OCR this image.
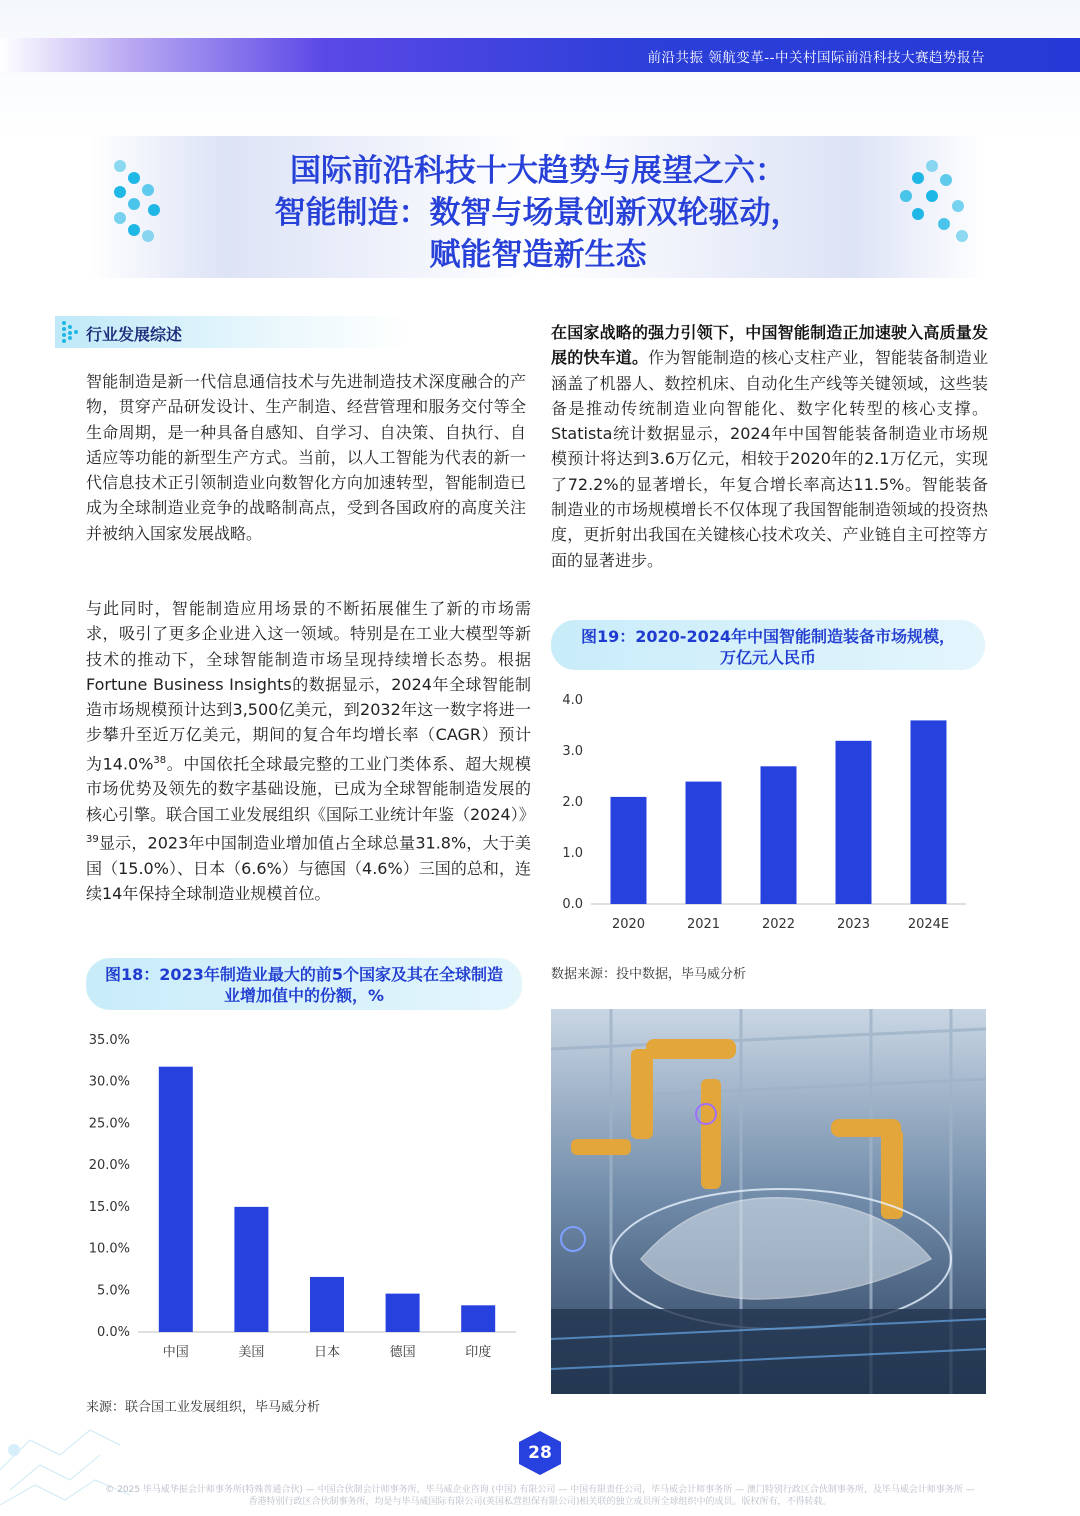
前沿共振 领航变革--中关村国际前沿科技大赛趋势报告
国际前沿科技十大趋势与展望之六：
智能制造：数智与场景创新双轮驱动，
赋能智造新生态
行业发展综述
智能制造是新一代信息通信技术与先进制造技术深度融合的产物，贯穿产品研发设计、生产制造、经营管理和服务交付等全生命周期，是一种具备自感知、自学习、自决策、自执行、自适应等功能的新型生产方式。当前，以人工智能为代表的新一代信息技术正引领制造业向数智化方向加速转型，智能制造已成为全球制造业竞争的战略制高点，受到各国政府的高度关注并被纳入国家发展战略。
与此同时，智能制造应用场景的不断拓展催生了新的市场需求，吸引了更多企业进入这一领域。特别是在工业大模型等新技术的推动下，全球智能制造市场呈现持续增长态势。根据Fortune Business Insights的数据显示，2024年全球智能制造市场规模预计达到3,500亿美元，到2032年这一数字将进一步攀升至近万亿美元，期间的复合年均增长率（CAGR）预计为14.0%$^{38}$。中国依托全球最完整的工业门类体系、超大规模市场优势及领先的数字基础设施，已成为全球智能制造发展的核心引擎。联合国工业发展组织《国际工业统计年鉴（2024）》$^{39}$显示，2023年中国制造业增加值占全球总量31.8%，大于美国（15.0%）、日本（6.6%）与德国（4.6%）三国的总和，连续14年保持全球制造业规模首位。
在国家战略的强力引领下，中国智能制造正加速驶入高质量发展的快车道。作为智能制造的核心支柱产业，智能装备制造业涵盖了机器人、数控机床、自动化生产线等关键领域，这些装备是推动传统制造业向智能化、数字化转型的核心支撑。Statista统计数据显示，2024年中国智能装备制造业市场规模预计将达到3.6万亿元，相较于2020年的2.1万亿元，实现了72.2%的显著增长，年复合增长率高达11.5%。智能装备制造业的市场规模增长不仅体现了我国智能制造领域的投资热度，更折射出我国在关键核心技术攻关、产业链自主可控等方面的显著进步。
图18：2023年制造业最大的前5个国家及其在全球制造
业增加值中的份额，%
0.0%
5.0%
10.0%
15.0%
20.0%
25.0%
30.0%
35.0%
中国	美国	日本	德国	印度
来源：联合国工业发展组织，毕马威分析
图19：2020-2024年中国智能制造装备市场规模，
万亿元人民币
0.0
1.0
2.0
3.0
4.0
2020	2021	2022	2023	2024E
数据来源：投中数据，毕马威分析
28
© 2025 毕马威华振会计师事务所(特殊普通合伙) — 中国合伙制会计师事务所，毕马威企业咨询 (中国) 有限公司 — 中国有限责任公司，毕马威会计师事务所 — 澳门特别行政区合伙制事务所，及毕马威会计师事务所 —
香港特别行政区合伙制事务所，均是与毕马威国际有限公司(英国私营担保有限公司)相关联的独立成员所全球组织中的成员。版权所有，不得转载。
